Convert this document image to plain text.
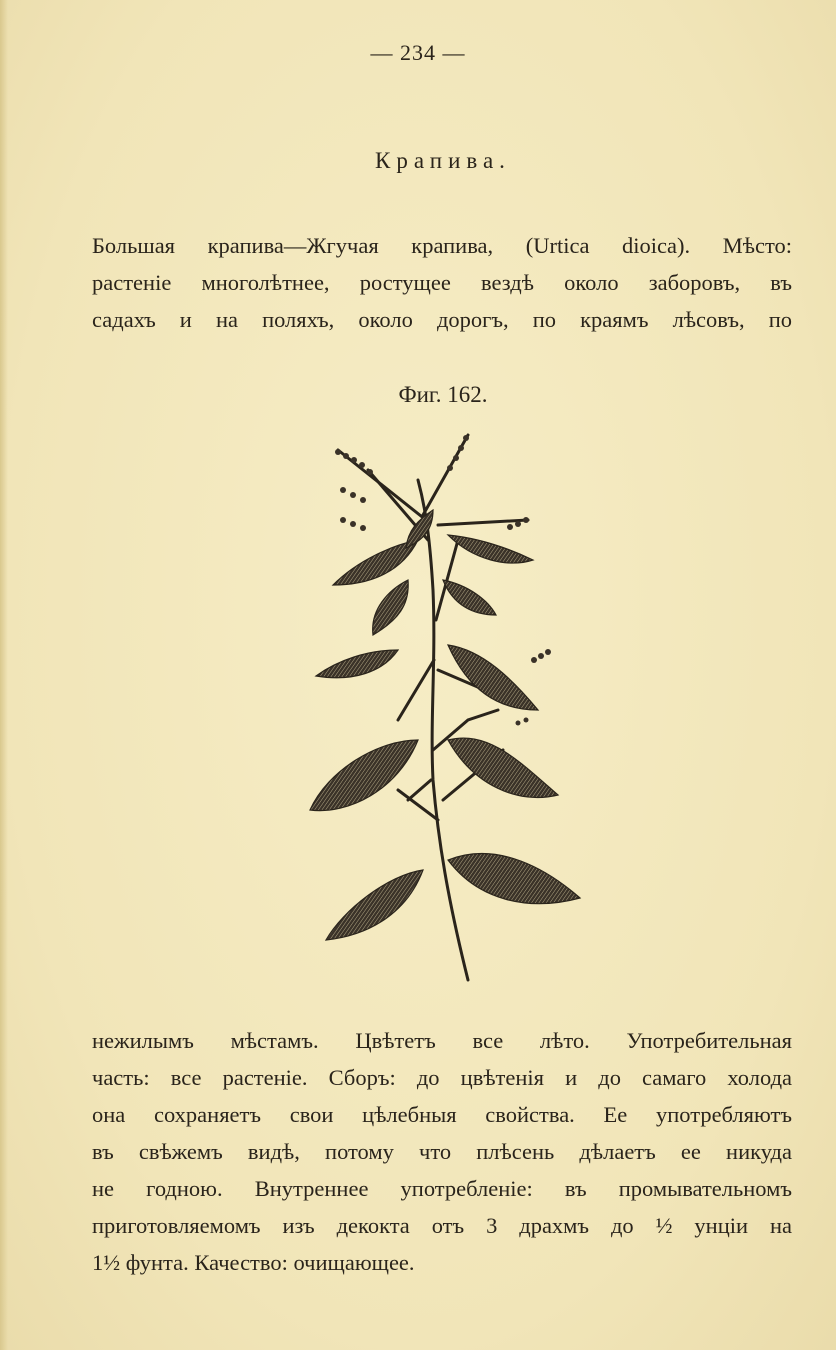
— 234 —
Крапива.
Большая крапива—Жгучая крапива, (Urtica dioica). Мѣсто:
растеніе многолѣтнее, ростущее вездѣ около заборовъ, въ
садахъ и на поляхъ, около дорогъ, по краямъ лѣсовъ, по
Фиг. 162.
нежилымъ мѣстамъ. Цвѣтетъ все лѣто. Употребительная
часть: все растеніе. Сборъ: до цвѣтенія и до самаго холода
она сохраняетъ свои цѣлебныя свойства. Ее употребляютъ
въ свѣжемъ видѣ, потому что плѣсень дѣлаетъ ее никуда
не годною. Внутреннее употребленіе: въ промывательномъ
приготовляемомъ изъ декокта отъ 3 драхмъ до ½ унціи на
1½ фунта. Качество: очищающее.
